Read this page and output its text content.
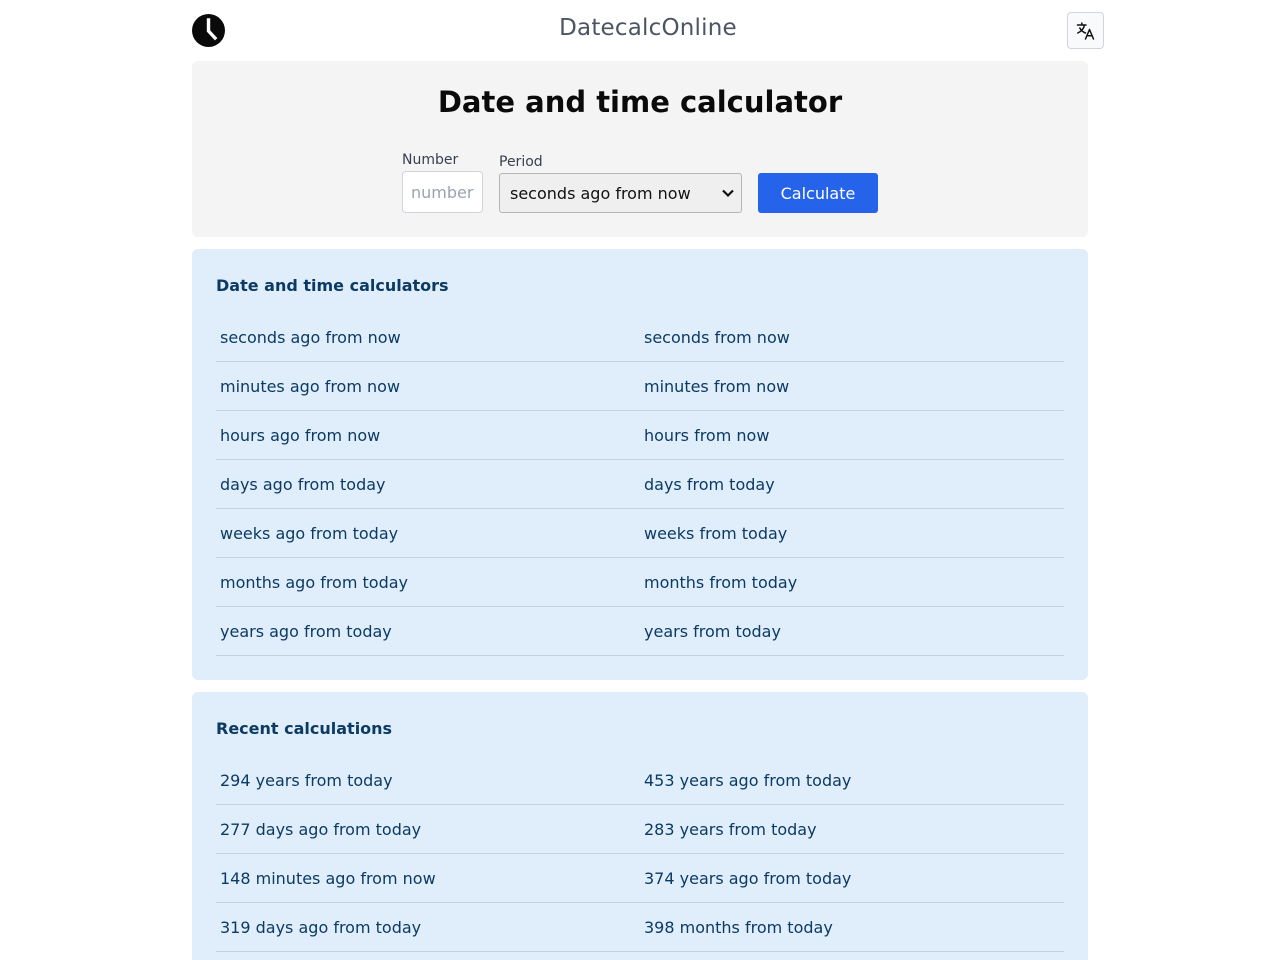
DatecalcOnline
Date and time calculator
Number
number	Period
seconds ago from now	Calculate
Date and time calculators
seconds ago from now	seconds from now
minutes ago from now	minutes from now
hours ago from now	hours from now
days ago from today	days from today
weeks ago from today	weeks from today
months ago from today	months from today
years ago from today	years from today
Recent calculations
294 years from today	453 years ago from today
277 days ago from today	283 years from today
148 minutes ago from now	374 years ago from today
319 days ago from today	398 months from today
